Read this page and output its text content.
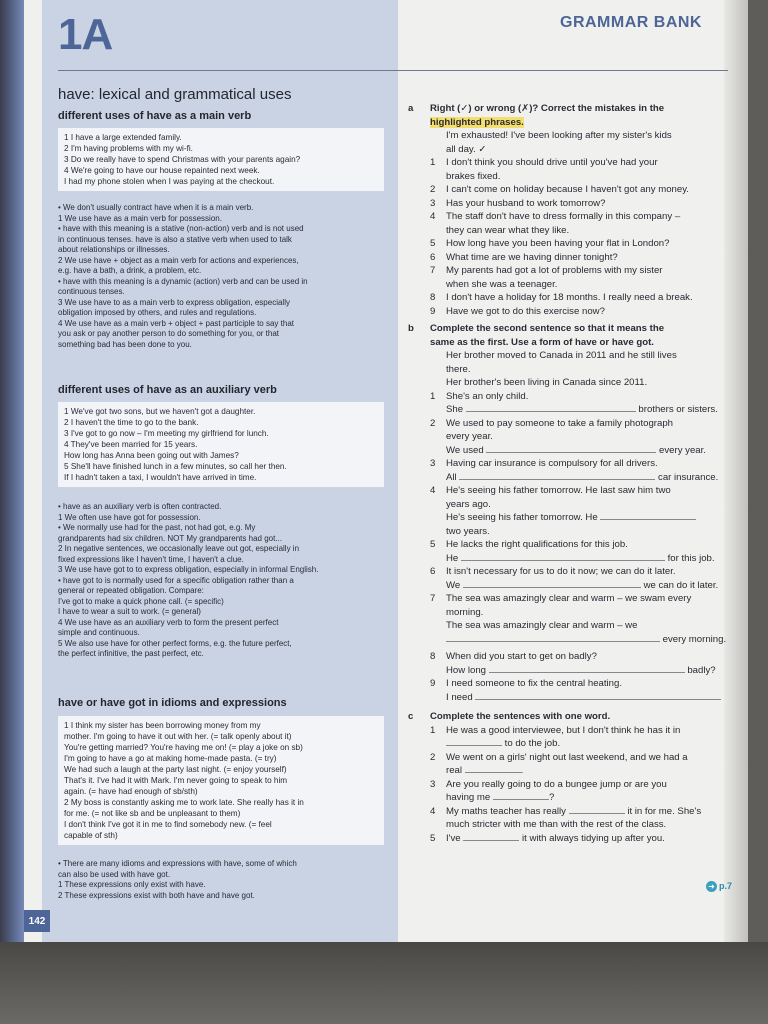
1A	GRAMMAR BANK
have: lexical and grammatical uses
different uses of have as a main verb
1 I have a large extended family.
2 I'm having problems with my wi-fi.
3 Do we really have to spend Christmas with your parents again?
4 We're going to have our house repainted next week.
I had my phone stolen when I was paying at the checkout.
• We don't usually contract have when it is a main verb.
1 We use have as a main verb for possession.
• have with this meaning is a stative (non-action) verb and is not used
in continuous tenses. have is also a stative verb when used to talk
about relationships or illnesses.
2 We use have + object as a main verb for actions and experiences,
e.g. have a bath, a drink, a problem, etc.
• have with this meaning is a dynamic (action) verb and can be used in
continuous tenses.
3 We use have to as a main verb to express obligation, especially
obligation imposed by others, and rules and regulations.
4 We use have as a main verb + object + past participle to say that
you ask or pay another person to do something for you, or that
something bad has been done to you.
different uses of have as an auxiliary verb
1 We've got two sons, but we haven't got a daughter.
2 I haven't the time to go to the bank.
3 I've got to go now – I'm meeting my girlfriend for lunch.
4 They've been married for 15 years.
How long has Anna been going out with James?
5 She'll have finished lunch in a few minutes, so call her then.
If I hadn't taken a taxi, I wouldn't have arrived in time.
• have as an auxiliary verb is often contracted.
1 We often use have got for possession.
• We normally use had for the past, not had got, e.g. My
grandparents had six children. NOT My grandparents had got...
2 In negative sentences, we occasionally leave out got, especially in
fixed expressions like I haven't time, I haven't a clue.
3 We use have got to to express obligation, especially in informal English.
• have got to is normally used for a specific obligation rather than a
general or repeated obligation. Compare:
I've got to make a quick phone call. (= specific)
I have to wear a suit to work. (= general)
4 We use have as an auxiliary verb to form the present perfect
simple and continuous.
5 We also use have for other perfect forms, e.g. the future perfect,
the perfect infinitive, the past perfect, etc.
have or have got in idioms and expressions
1 I think my sister has been borrowing money from my
mother. I'm going to have it out with her. (= talk openly about it)
You're getting married? You're having me on! (= play a joke on sb)
I'm going to have a go at making home-made pasta. (= try)
We had such a laugh at the party last night. (= enjoy yourself)
That's it. I've had it with Mark. I'm never going to speak to him
again. (= have had enough of sb/sth)
2 My boss is constantly asking me to work late. She really has it in
for me. (= not like sb and be unpleasant to them)
I don't think I've got it in me to find somebody new. (= feel
capable of sth)
• There are many idioms and expressions with have, some of which
can also be used with have got.
1 These expressions only exist with have.
2 These expressions exist with both have and have got.
a Right (✓) or wrong (✗)? Correct the mistakes in the
highlighted phrases.
I'm exhausted! I've been looking after my sister's kids
all day. ✓
1 I don't think you should drive until you've had your
brakes fixed.
2 I can't come on holiday because I haven't got any money.
3 Has your husband to work tomorrow?
4 The staff don't have to dress formally in this company –
they can wear what they like.
5 How long have you been having your flat in London?
6 What time are we having dinner tonight?
7 My parents had got a lot of problems with my sister
when she was a teenager.
8 I don't have a holiday for 18 months. I really need a break.
9 Have we got to do this exercise now?
b Complete the second sentence so that it means the
same as the first. Use a form of have or have got.
Her brother moved to Canada in 2011 and he still lives
there.
Her brother's been living in Canada since 2011.
1 She's an only child.
She	brothers or sisters.
2 We used to pay someone to take a family photograph
every year.
We used	every year.
3 Having car insurance is compulsory for all drivers.
All	car insurance.
4 He's seeing his father tomorrow. He last saw him two
years ago.
He's seeing his father tomorrow. He
two years.
5 He lacks the right qualifications for this job.
He	for this job.
6 It isn't necessary for us to do it now; we can do it later.
We	we can do it later.
7 The sea was amazingly clear and warm – we swam every
morning.
The sea was amazingly clear and warm – we
every morning.
8 When did you start to get on badly?
How long	badly?
9 I need someone to fix the central heating.
I need
c Complete the sentences with one word.
1 He was a good interviewee, but I don't think he has it in
to do the job.
2 We went on a girls' night out last weekend, and we had a
real	.
3 Are you really going to do a bungee jump or are you
having me	?
4 My maths teacher has really	it in for me. She's
much stricter with me than with the rest of the class.
5 I've	it with always tidying up after you.
➜ p.7
142
